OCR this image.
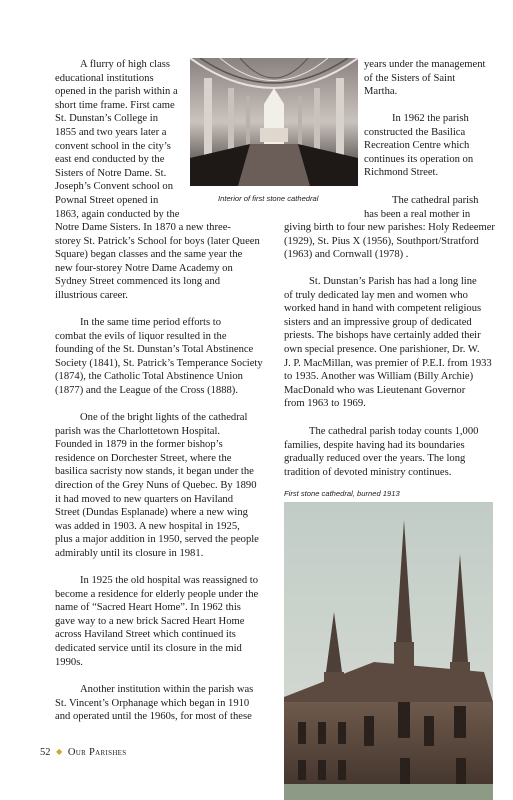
A flurry of high class
educational institutions
opened in the parish within a
short time frame. First came
St. Dunstan’s College in
1855 and two years later a
convent school in the city’s
east end conducted by the
Sisters of Notre Dame. St.
Joseph’s Convent school on
Pownal Street opened in
1863, again conducted by the
Notre Dame Sisters. In 1870 a new three-
storey St. Patrick’s School for boys (later Queen
Square) began classes and the same year the
new four-storey Notre Dame Academy on
Sydney Street commenced its long and
illustrious career.
In the same time period efforts to
combat the evils of liquor resulted in the
founding of the St. Dunstan’s Total Abstinence
Society (1841), St. Patrick’s Temperance Society
(1874), the Catholic Total Abstinence Union
(1877) and the League of the Cross (1888).
One of the bright lights of the cathedral
parish was the Charlottetown Hospital.
Founded in 1879 in the former bishop’s
residence on Dorchester Street, where the
basilica sacristy now stands, it began under the
direction of the Grey Nuns of Quebec. By 1890
it had moved to new quarters on Haviland
Street (Dundas Esplanade) where a new wing
was added in 1903. A new hospital in 1925,
plus a major addition in 1950, served the people
admirably until its closure in 1981.
In 1925 the old hospital was reassigned to
become a residence for elderly people under the
name of “Sacred Heart Home”. In 1962 this
gave way to a new brick Sacred Heart Home
across Haviland Street which continued its
dedicated service until its closure in the mid
1990s.
Another institution within the parish was
St. Vincent’s Orphanage which began in 1910
and operated until the 1960s, for most of these
Interior of first stone cathedral
years under the management
of the Sisters of Saint
Martha.
In 1962 the parish
constructed the Basilica
Recreation Centre which
continues its operation on
Richmond Street.
The cathedral parish
has been a real mother in
giving birth to four new parishes: Holy Redeemer
(1929), St. Pius X (1956), Southport/Stratford
(1963) and Cornwall (1978) .
St. Dunstan’s Parish has had a long line
of truly dedicated lay men and women who
worked hand in hand with competent religious
sisters and an impressive group of dedicated
priests. The bishops have certainly added their
own special presence. One parishioner, Dr. W.
J. P. MacMillan, was premier of P.E.I. from 1933
to 1935. Another was William (Billy Archie)
MacDonald who was Lieutenant Governor
from 1963 to 1969.
The cathedral parish today counts 1,000
families, despite having had its boundaries
gradually reduced over the years. The long
tradition of devoted ministry continues.
First stone cathedral, burned 1913
52 ◆ Our Parishes
